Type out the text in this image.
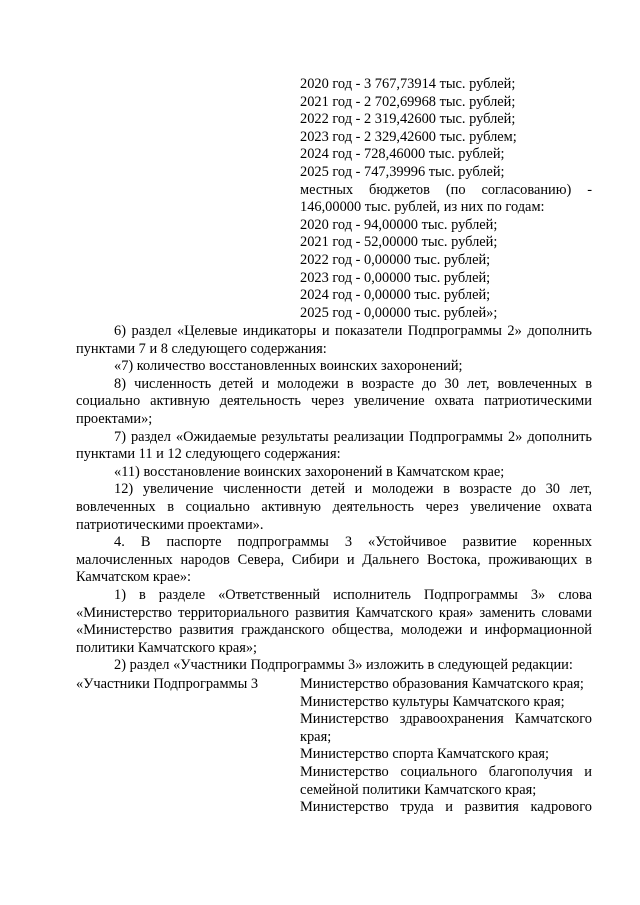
2020 год - 3 767,73914 тыс. рублей;
2021 год - 2 702,69968 тыс. рублей;
2022 год - 2 319,42600 тыс. рублей;
2023 год - 2 329,42600 тыс. рублем;
2024 год - 728,46000 тыс. рублей;
2025 год - 747,39996 тыс. рублей;
местных бюджетов (по согласованию) -
146,00000 тыс. рублей, из них по годам:
2020 год - 94,00000 тыс. рублей;
2021 год - 52,00000 тыс. рублей;
2022 год - 0,00000 тыс. рублей;
2023 год - 0,00000 тыс. рублей;
2024 год - 0,00000 тыс. рублей;
2025 год - 0,00000 тыс. рублей»;

6) раздел «Целевые индикаторы и показатели Подпрограммы 2» дополнить пунктами 7 и 8 следующего содержания:

«7) количество восстановленных воинских захоронений;

8) численность детей и молодежи в возрасте до 30 лет, вовлеченных в социально активную деятельность через увеличение охвата патриотическими проектами»;

7) раздел «Ожидаемые результаты реализации Подпрограммы 2» дополнить пунктами 11 и 12 следующего содержания:

«11) восстановление воинских захоронений в Камчатском крае;

12) увеличение численности детей и молодежи в возрасте до 30 лет, вовлеченных в социально активную деятельность через увеличение охвата патриотическими проектами».

4. В паспорте подпрограммы 3 «Устойчивое развитие коренных малочисленных народов Севера, Сибири и Дальнего Востока, проживающих в Камчатском крае»:

1) в разделе «Ответственный исполнитель Подпрограммы 3» слова «Министерство территориального развития Камчатского края» заменить словами «Министерство развития гражданского общества, молодежи и информационной политики Камчатского края»;

2) раздел «Участники Подпрограммы 3» изложить в следующей редакции:

«Участники Подпрограммы 3	Министерство образования Камчатского края;

Министерство культуры Камчатского края;

Министерство здравоохранения Камчатского края;

Министерство спорта Камчатского края;

Министерство социального благополучия и семейной политики Камчатского края;

Министерство труда и развития кадрового
